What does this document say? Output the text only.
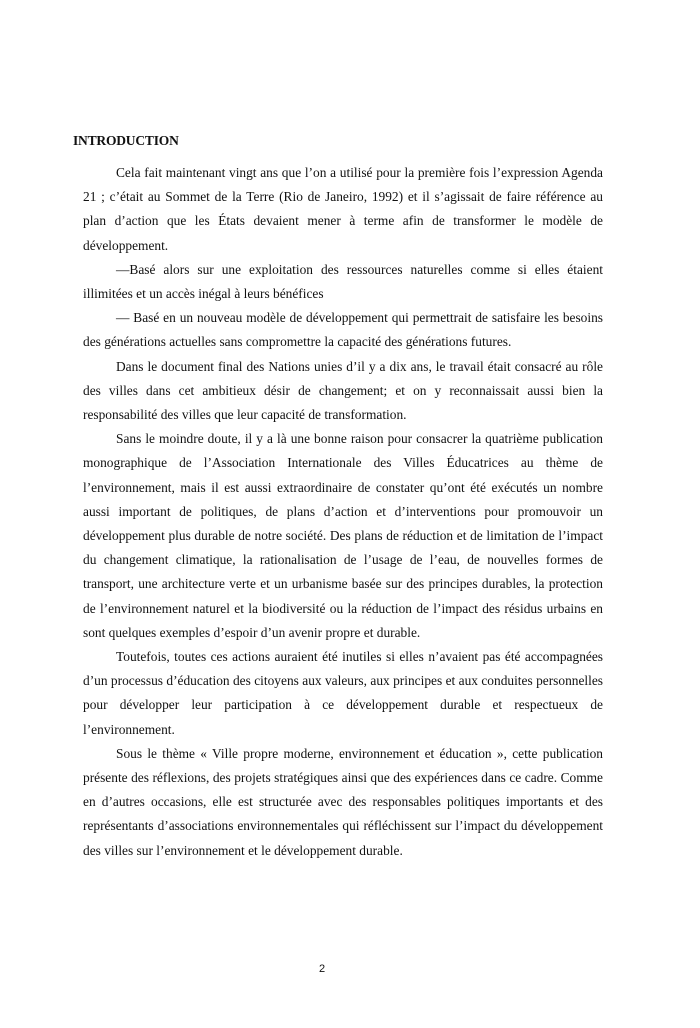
INTRODUCTION

Cela fait maintenant vingt ans que l’on a utilisé pour la première fois l’expression Agenda 21 ; c’était au Sommet de la Terre (Rio de Janeiro, 1992) et il s’agissait de faire référence au plan d’action que les États devaient mener à terme afin de transformer le modèle de développement.

—Basé alors sur une exploitation des ressources naturelles comme si elles étaient illimitées et un accès inégal à leurs bénéfices

— Basé en un nouveau modèle de développement qui permettrait de satisfaire les besoins des générations actuelles sans compromettre la capacité des générations futures.

Dans le document final des Nations unies d’il y a dix ans, le travail était consacré au rôle des villes dans cet ambitieux désir de changement; et on y reconnaissait aussi bien la responsabilité des villes que leur capacité de transformation.

Sans le moindre doute, il y a là une bonne raison pour consacrer la quatrième publication monographique de l’Association Internationale des Villes Éducatrices au thème de l’environnement, mais il est aussi extraordinaire de constater qu’ont été exécutés un nombre aussi important de politiques, de plans d’action et d’interventions pour promouvoir un développement plus durable de notre société. Des plans de réduction et de limitation de l’impact du changement climatique, la rationalisation de l’usage de l’eau, de nouvelles formes de transport, une architecture verte et un urbanisme basée sur des principes durables, la protection de l’environnement naturel et la biodiversité ou la réduction de l’impact des résidus urbains en sont quelques exemples d’espoir d’un avenir propre et durable.

Toutefois, toutes ces actions auraient été inutiles si elles n’avaient pas été accompagnées d’un processus d’éducation des citoyens aux valeurs, aux principes et aux conduites personnelles pour développer leur participation à ce développement durable et respectueux de l’environnement.

Sous le thème « Ville propre moderne, environnement et éducation », cette publication présente des réflexions, des projets stratégiques ainsi que des expériences dans ce cadre. Comme en d’autres occasions, elle est structurée avec des responsables politiques importants et des représentants d’associations environnementales qui réfléchissent sur l’impact du développement des villes sur l’environnement et le développement durable.

2
